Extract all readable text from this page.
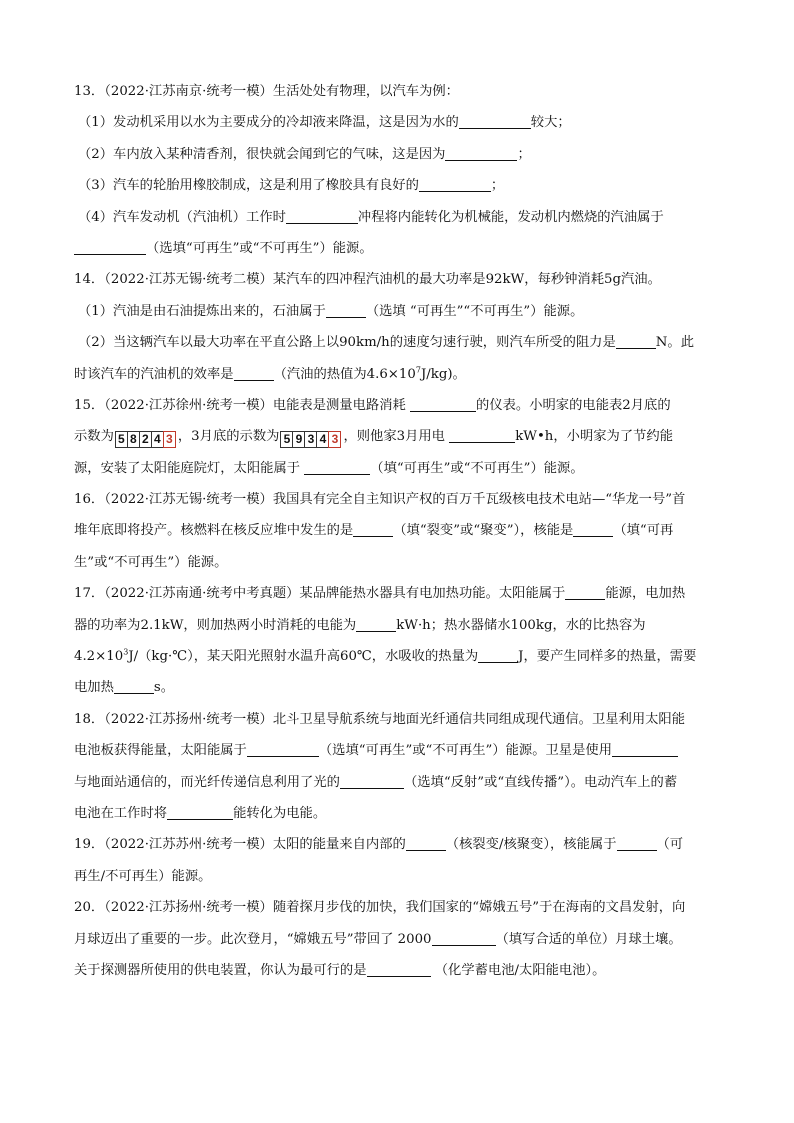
13．（2022·江苏南京·统考一模）生活处处有物理，以汽车为例：
（1）发动机采用以水为主要成分的冷却液来降温，这是因为水的	较大；
（2）车内放入某种清香剂，很快就会闻到它的气味，这是因为	；
（3）汽车的轮胎用橡胶制成，这是利用了橡胶具有良好的	；
（4）汽车发动机（汽油机）工作时	冲程将内能转化为机械能，发动机内燃烧的汽油属于
（选填“可再生”或“不可再生”）能源。
14．（2022·江苏无锡·统考二模）某汽车的四冲程汽油机的最大功率是92kW，每秒钟消耗5g汽油。
（1）汽油是由石油提炼出来的，石油属于	（选填 “可再生”“不可再生”）能源。
（2）当这辆汽车以最大功率在平直公路上以90km/h的速度匀速行驶，则汽车所受的阻力是	N。此
时该汽车的汽油机的效率是	（汽油的热值为$4.6\times 10^7J/kg$)。
15．（2022·江苏徐州·统考一模）电能表是测量电路消耗	的仪表。小明家的电能表2月底的
示数为 5 8 2 4 3 ，3月底的示数为 5 9 3 4 3 ，则他家3月用电	kW•h，小明家为了节约能
源，安装了太阳能庭院灯，太阳能属于	（填“可再生”或“不可再生”）能源。
16．（2022·江苏无锡·统考一模）我国具有完全自主知识产权的百万千瓦级核电技术电站—“华龙一号”首
堆年底即将投产。核燃料在核反应堆中发生的是	（填“裂变”或“聚变”），核能是	（填“可再
生”或“不可再生”）能源。
17．（2022·江苏南通·统考中考真题）某品牌能热水器具有电加热功能。太阳能属于	能源，电加热
器的功率为2.1kW，则加热两小时消耗的电能为	kW·h；热水器储水100kg，水的比热容为
$4.2\times 10^3J/(kg\cdot℃)$，某天阳光照射水温升高60℃，水吸收的热量为	J，要产生同样多的热量，需要
电加热	s。
18．（2022·江苏扬州·统考一模）北斗卫星导航系统与地面光纤通信共同组成现代通信。卫星利用太阳能
电池板获得能量，太阳能属于	（选填“可再生”或“不可再生”）能源。卫星是使用
与地面站通信的，而光纤传递信息利用了光的	（选填“反射”或“直线传播”）。电动汽车上的蓄
电池在工作时将	能转化为电能。
19．（2022·江苏苏州·统考一模）太阳的能量来自内部的	（核裂变/核聚变），核能属于	（可
再生/不可再生）能源。
20．（2022·江苏扬州·统考一模）随着探月步伐的加快，我们国家的“嫦娥五号”于在海南的文昌发射，向
月球迈出了重要的一步。此次登月，“嫦娥五号”带回了 2000	（填写合适的单位）月球土壤。
关于探测器所使用的供电装置，你认为最可行的是	（化学蓄电池/太阳能电池）。
